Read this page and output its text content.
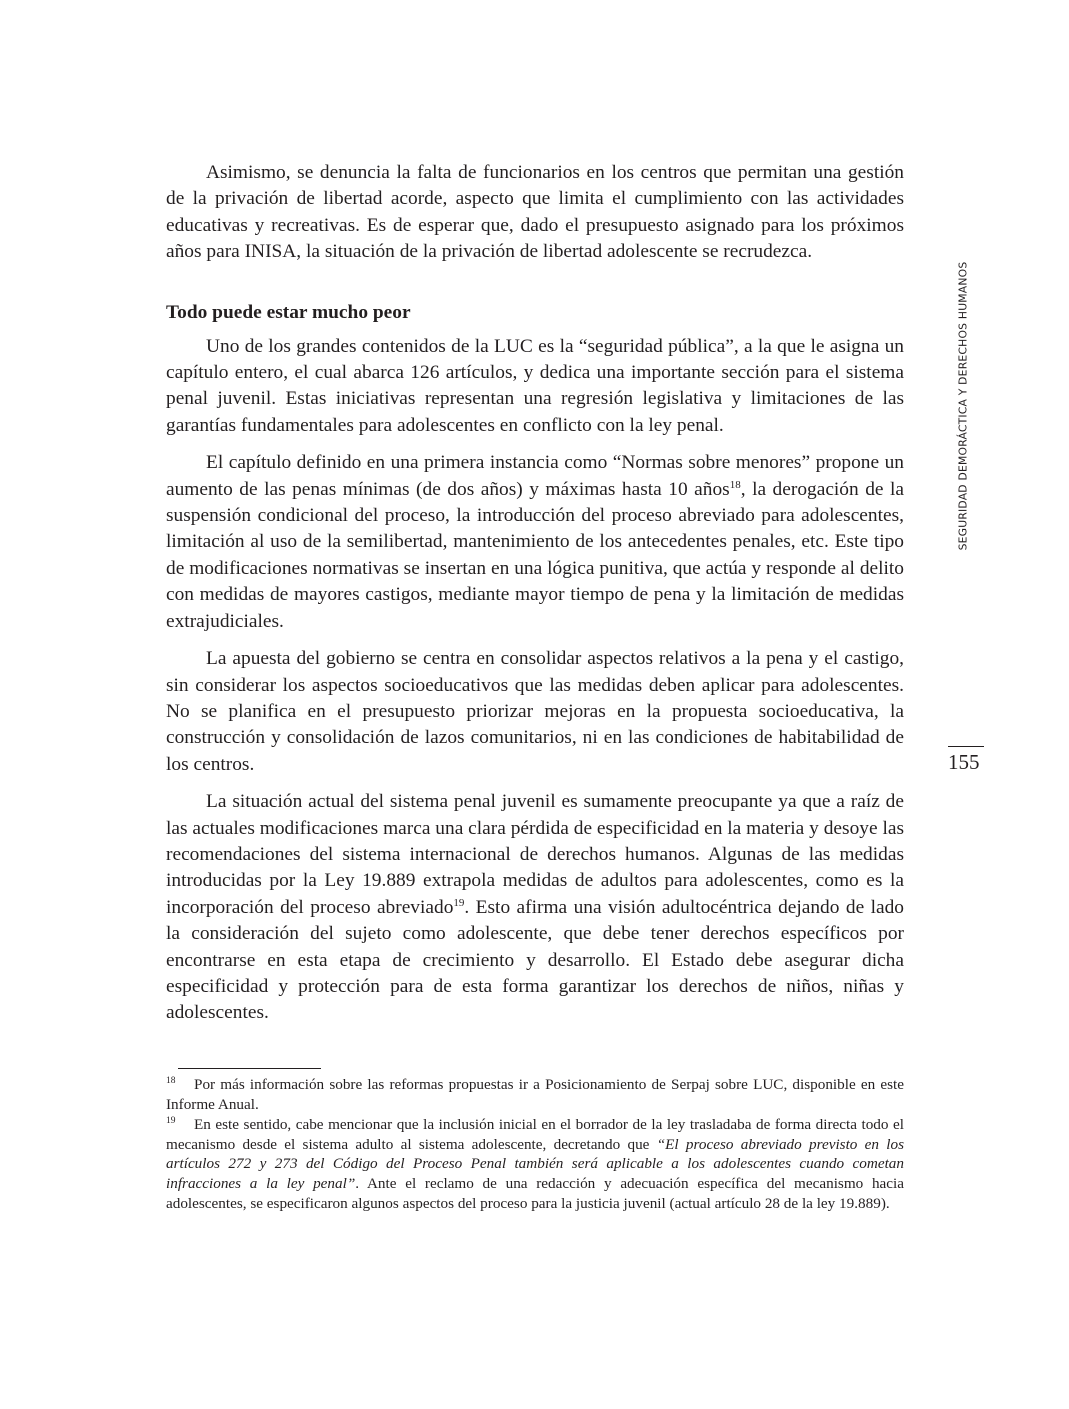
Asimismo, se denuncia la falta de funcionarios en los centros que permitan una gestión de la privación de libertad acorde, aspecto que limita el cumplimiento con las actividades educativas y recreativas. Es de esperar que, dado el presupuesto asignado para los próximos años para INISA, la situación de la privación de libertad adolescente se recrudezca.

Todo puede estar mucho peor

Uno de los grandes contenidos de la LUC es la “seguridad pública”, a la que le asigna un capítulo entero, el cual abarca 126 artículos, y dedica una importante sección para el sistema penal juvenil. Estas iniciativas representan una regresión legislativa y limitaciones de las garantías fundamentales para adolescentes en conflicto con la ley penal.

El capítulo definido en una primera instancia como “Normas sobre menores” propone un aumento de las penas mínimas (de dos años) y máximas hasta 10 años$^{18}$, la derogación de la suspensión condicional del proceso, la introducción del proceso abreviado para adolescentes, limitación al uso de la semilibertad, mantenimiento de los antecedentes penales, etc. Este tipo de modificaciones normativas se insertan en una lógica punitiva, que actúa y responde al delito con medidas de mayores castigos, mediante mayor tiempo de pena y la limitación de medidas extrajudiciales.

La apuesta del gobierno se centra en consolidar aspectos relativos a la pena y el castigo, sin considerar los aspectos socioeducativos que las medidas deben aplicar para adolescentes. No se planifica en el presupuesto priorizar mejoras en la propuesta socioeducativa, la construcción y consolidación de lazos comunitarios, ni en las condiciones de habitabilidad de los centros.

La situación actual del sistema penal juvenil es sumamente preocupante ya que a raíz de las actuales modificaciones marca una clara pérdida de especificidad en la materia y desoye las recomendaciones del sistema internacional de derechos humanos. Algunas de las medidas introducidas por la Ley 19.889 extrapola medidas de adultos para adolescentes, como es la incorporación del proceso abreviado$^{19}$. Esto afirma una visión adultocéntrica dejando de lado la consideración del sujeto como adolescente, que debe tener derechos específicos por encontrarse en esta etapa de crecimiento y desarrollo. El Estado debe asegurar dicha especificidad y protección para de esta forma garantizar los derechos de niños, niñas y adolescentes.

18 Por más información sobre las reformas propuestas ir a Posicionamiento de Serpaj sobre LUC, disponible en este Informe Anual.

19 En este sentido, cabe mencionar que la inclusión inicial en el borrador de la ley trasladaba de forma directa todo el mecanismo desde el sistema adulto al sistema adolescente, decretando que “El proceso abreviado previsto en los artículos 272 y 273 del Código del Proceso Penal también será aplicable a los adolescentes cuando cometan infracciones a la ley penal”. Ante el reclamo de una redacción y adecuación específica del mecanismo hacia adolescentes, se especificaron algunos aspectos del proceso para la justicia juvenil (actual artículo 28 de la ley 19.889).

SEGURIDAD DEMORÁCTICA Y DERECHOS HUMANOS
155
